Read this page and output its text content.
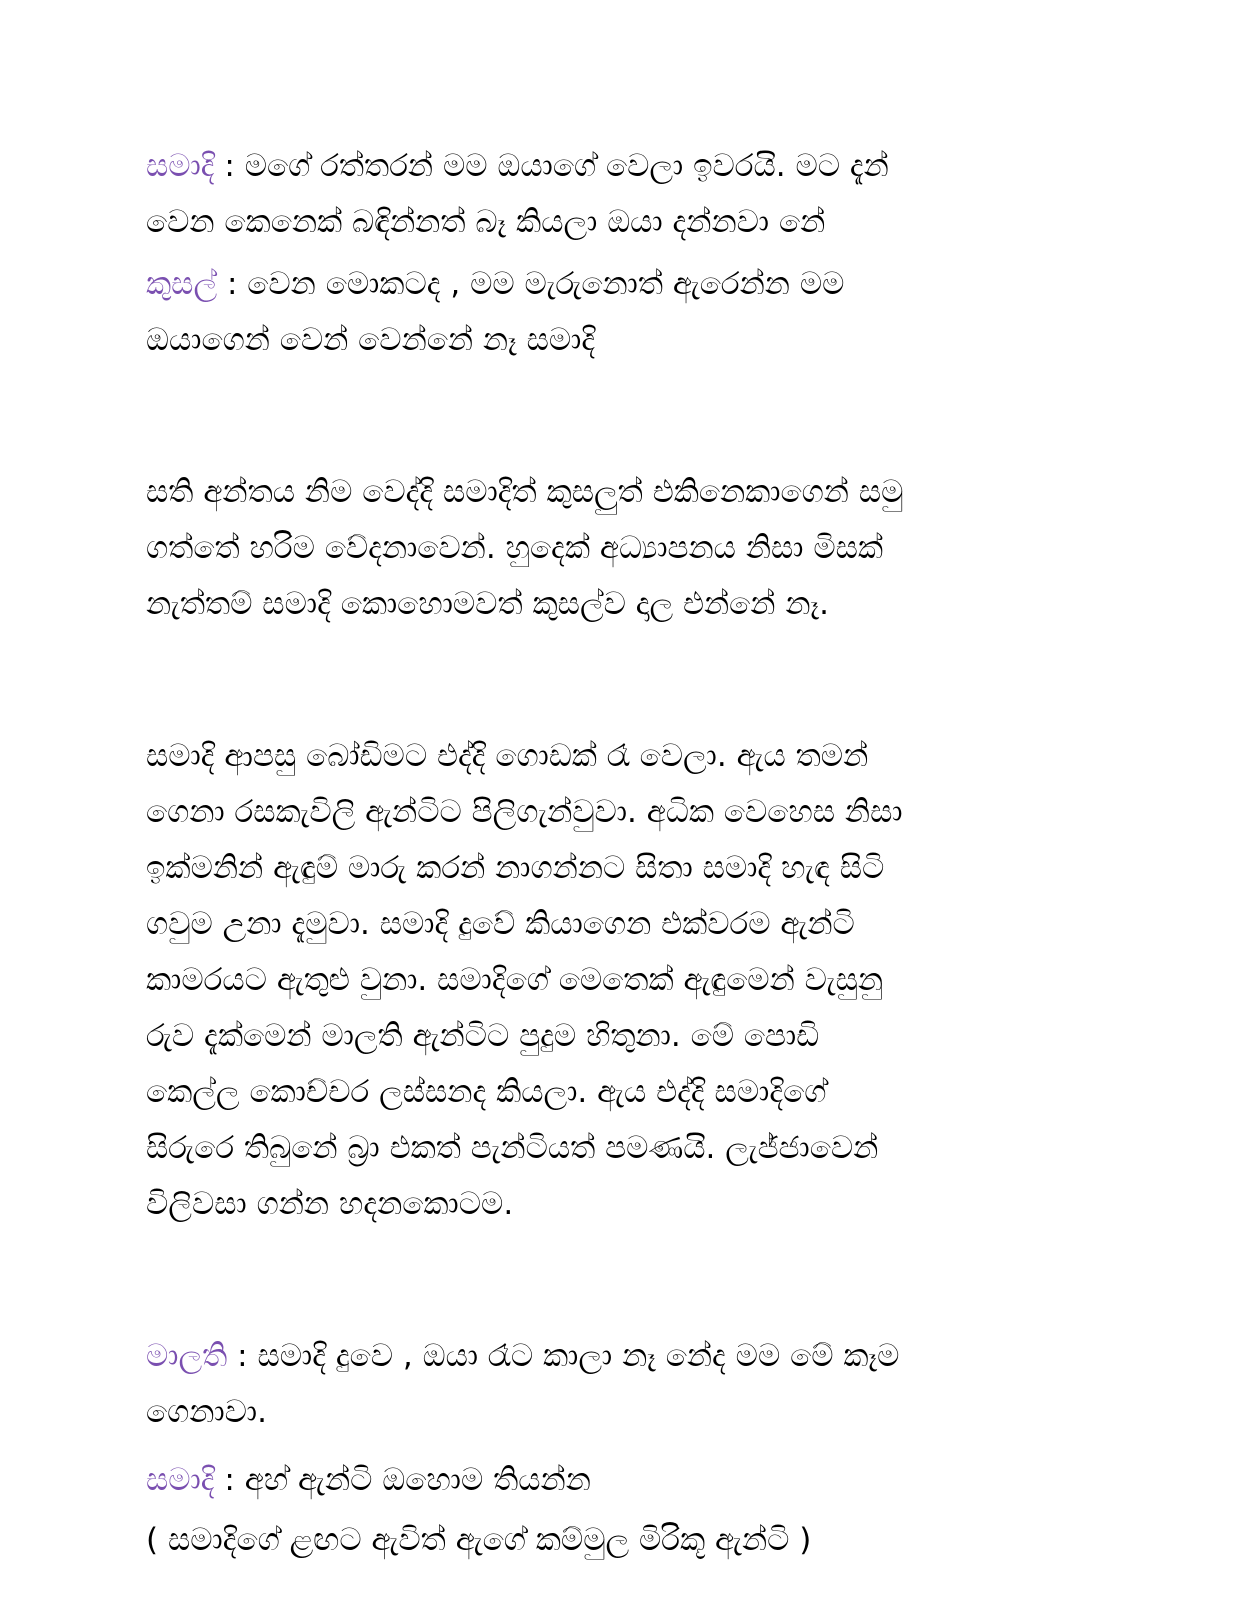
සමාදි : මගේ රත්තරන් මම ඔයාගේ වෙලා ඉවරයි. මට දැන්
වෙන කෙනෙක් බඳින්නත් බෑ කියලා ඔයා දන්නවා නේ
කුසල් : වෙන මොකටද , මම මැරුනොත් ඇරෙන්න මම
ඔයාගෙන් වෙන් වෙන්නේ නෑ සමාදි
සති අන්තය නිම වෙද්දි සමාදිත් කුසලුත් එකිනෙකාගෙන් සමු
ගත්තේ හරිම වේදනාවෙන්. හුදෙක් අධ්‍යාපනය නිසා මිසක්
නැත්තම් සමාදි කොහොමවත් කුසල්ව දාල එන්නේ නෑ.
සමාදි ආපසු බෝඩිමට එද්දි ගොඩක් රෑ වෙලා. ඇය තමන්
ගෙනා රසකැවිලි ඇන්ටිට පිලිගැන්වුවා. අධික වෙහෙස නිසා
ඉක්මනින් ඇඳුම් මාරු කරන් නාගන්නට සිතා සමාදි හැඳ සිටි
ගවුම උනා දැමුවා. සමාදි දුවේ කියාගෙන එක්වරම ඇන්ටි
කාමරයට ඇතුළු වුනා. සමාදිගේ මෙතෙක් ඇඳුමෙන් වැසුනු
රුව දැක්මෙන් මාලති ඇන්ටිට පුදුම හිතුනා. මේ පොඩි
කෙල්ල කොච්චර ලස්සනද කියලා. ඇය එද්දි සමාදිගේ
සිරුරෙ තිබුනේ බ්‍රා එකත් පැන්ටියත් පමණයි. ලැජ්ජාවෙන්
විලිවසා ගන්න හදනකොටම.
මාලති : සමාදි දුවෙ , ඔයා රෑට කාලා නෑ නේද මම මේ කෑම
ගෙනාවා.
සමාදි : අහ් ඇන්ටි ඔහොම තියන්න
( සමාදිගේ ළඟට ඇවිත් ඇගේ කම්මුල මිරිකූ ඇන්ටි )
